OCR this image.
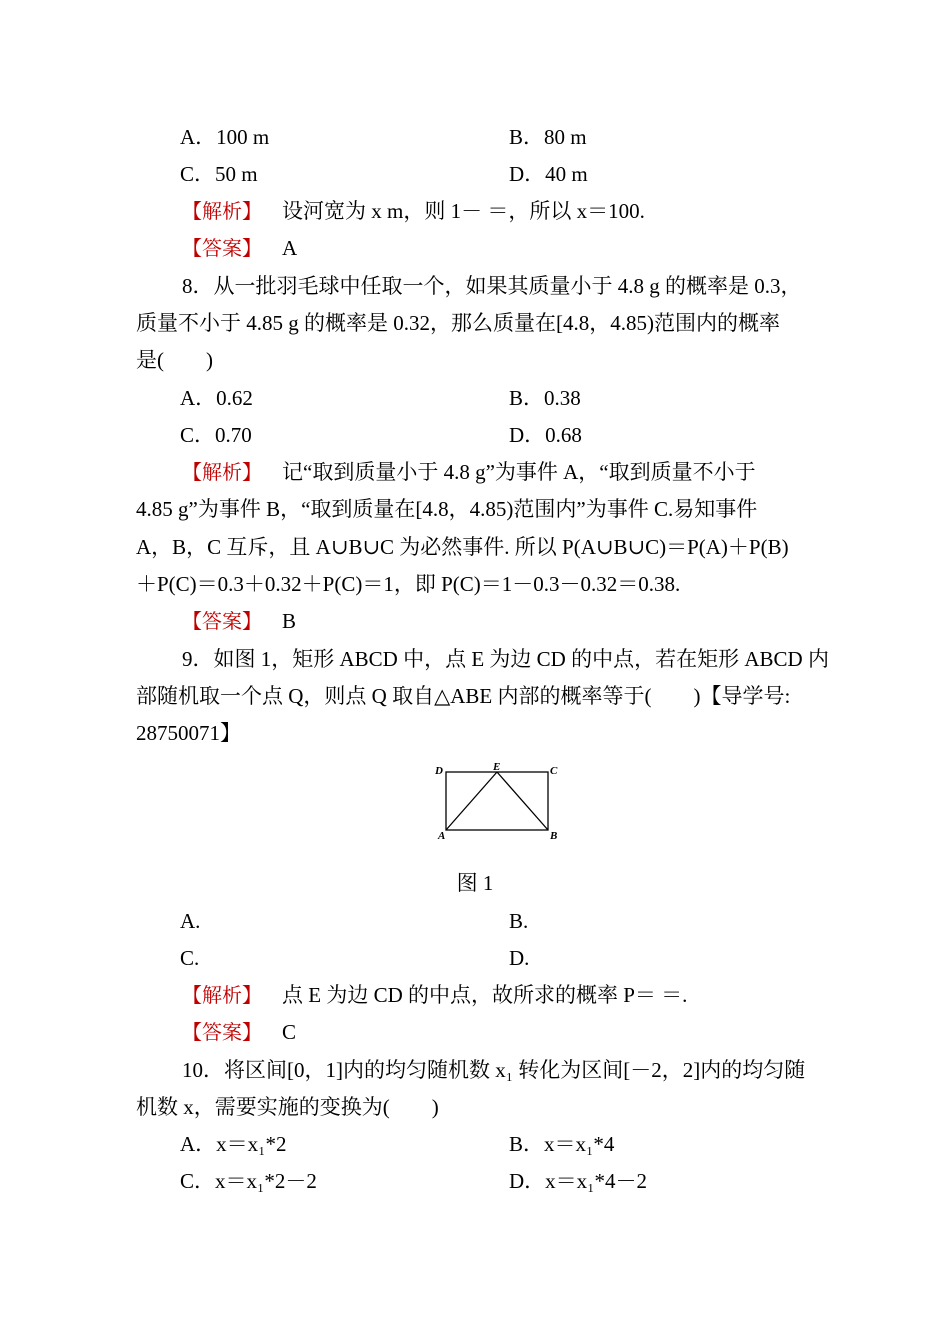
A．100 m	B．80 m
C．50 m	D．40 m
【解析】 设河宽为 x m，则 1－ ＝，所以 x＝100.
【答案】 A
8．从一批羽毛球中任取一个，如果其质量小于 4.8 g 的概率是 0.3，
质量不小于 4.85 g 的概率是 0.32，那么质量在[4.8，4.85)范围内的概率
是(　　)
A．0.62	B．0.38
C．0.70	D．0.68
【解析】 记“取到质量小于 4.8 g”为事件 A，“取到质量不小于
4.85 g”为事件 B，“取到质量在[4.8，4.85)范围内”为事件 C.易知事件
A，B，C 互斥，且 A∪B∪C 为必然事件. 所以 P(A∪B∪C)＝P(A)＋P(B)
＋P(C)＝0.3＋0.32＋P(C)＝1，即 P(C)＝1－0.3－0.32＝0.38.
【答案】 B
9．如图 1，矩形 ABCD 中，点 E 为边 CD 的中点，若在矩形 ABCD 内
部随机取一个点 Q，则点 Q 取自△ABE 内部的概率等于(　　)【导学号:
28750071】
D	E	C
A	B
图 1
A.	B.
C.	D.
【解析】 点 E 为边 CD 的中点，故所求的概率 P＝ ＝.
【答案】 C
10．将区间[0，1]内的均匀随机数 x₁ 转化为区间[－2，2]内的均匀随
机数 x，需要实施的变换为(　　)
A．x＝x₁*2	B．x＝x₁*4
C．x＝x₁*2－2	D．x＝x₁*4－2
